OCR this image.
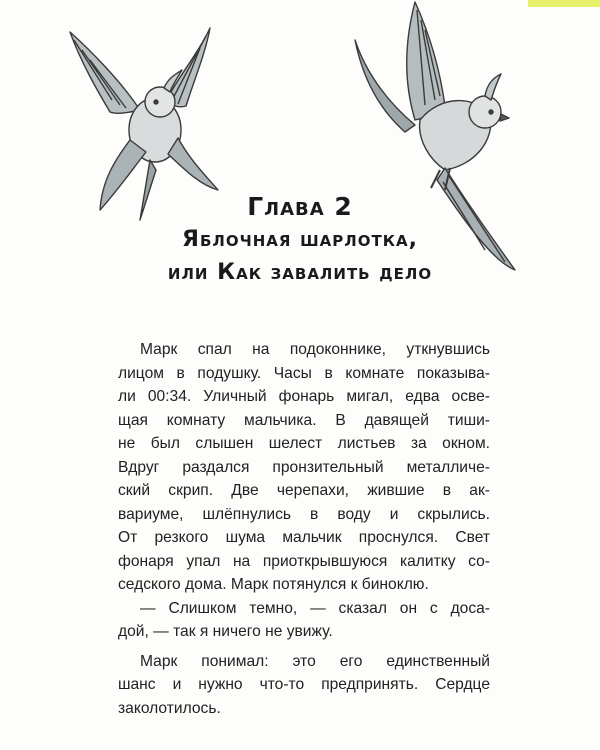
Глава 2
Яблочная шарлотка,
или Как завалить дело
Марк спал на подоконнике, уткнувшись
лицом в подушку. Часы в комнате показыва-
ли 00:34. Уличный фонарь мигал, едва осве-
щая комнату мальчика. В давящей тиши-
не был слышен шелест листьев за окном.
Вдруг раздался пронзительный металличе-
ский скрип. Две черепахи, жившие в ак-
вариуме, шлёпнулись в воду и скрылись.
От резкого шума мальчик проснулся. Свет
фонаря упал на приоткрывшуюся калитку со-
седского дома. Марк потянулся к биноклю.
— Слишком темно, — сказал он с доса-
дой, — так я ничего не увижу.
Марк понимал: это его единственный
шанс и нужно что-то предпринять. Сердце
заколотилось.
